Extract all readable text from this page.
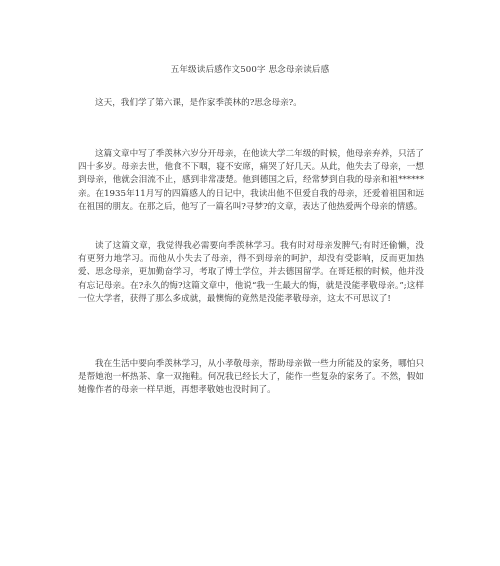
五年级读后感作文500字 思念母亲读后感

这天，我们学了第六课，是作家季羡林的?思念母亲?。

这篇文章中写了季羡林六岁分开母亲，在他读大学二年级的时候，他母亲弃养，只活了四十多岁。母亲去世，他食不下咽，寝不安席，痛哭了好几天。从此，他失去了母亲，一想到母亲，他就会泪流不止，感到非常凄楚。他到德国之后，经常梦到自我的母亲和祖******亲。在1935年11月写的四篇感人的日记中，我读出他不但爱自我的母亲，还爱着祖国和远在祖国的朋友。在那之后，他写了一篇名叫?寻梦?的文章，表达了他热爱两个母亲的情感。

读了这篇文章，我觉得我必需要向季羡林学习。我有时对母亲发脾气;有时还偷懒，没有更努力地学习。而他从小失去了母亲，得不到母亲的呵护，却没有受影响，反而更加热爱、思念母亲，更加勤奋学习，考取了博士学位，并去德国留学。在哥廷根的时候，他并没有忘记母亲。在?永久的悔?这篇文章中，他说“我一生最大的悔，就是没能孝敬母亲。”;这样一位大学者，获得了那么多成就，最懊悔的竟然是没能孝敬母亲，这太不可思议了!

我在生活中要向季羡林学习，从小孝敬母亲，帮助母亲做一些力所能及的家务，哪怕只是帮她泡一杯热茶、拿一双拖鞋。何况我已经长大了，能作一些复杂的家务了。不然，假如她像作者的母亲一样早逝，再想孝敬她也没时间了。
